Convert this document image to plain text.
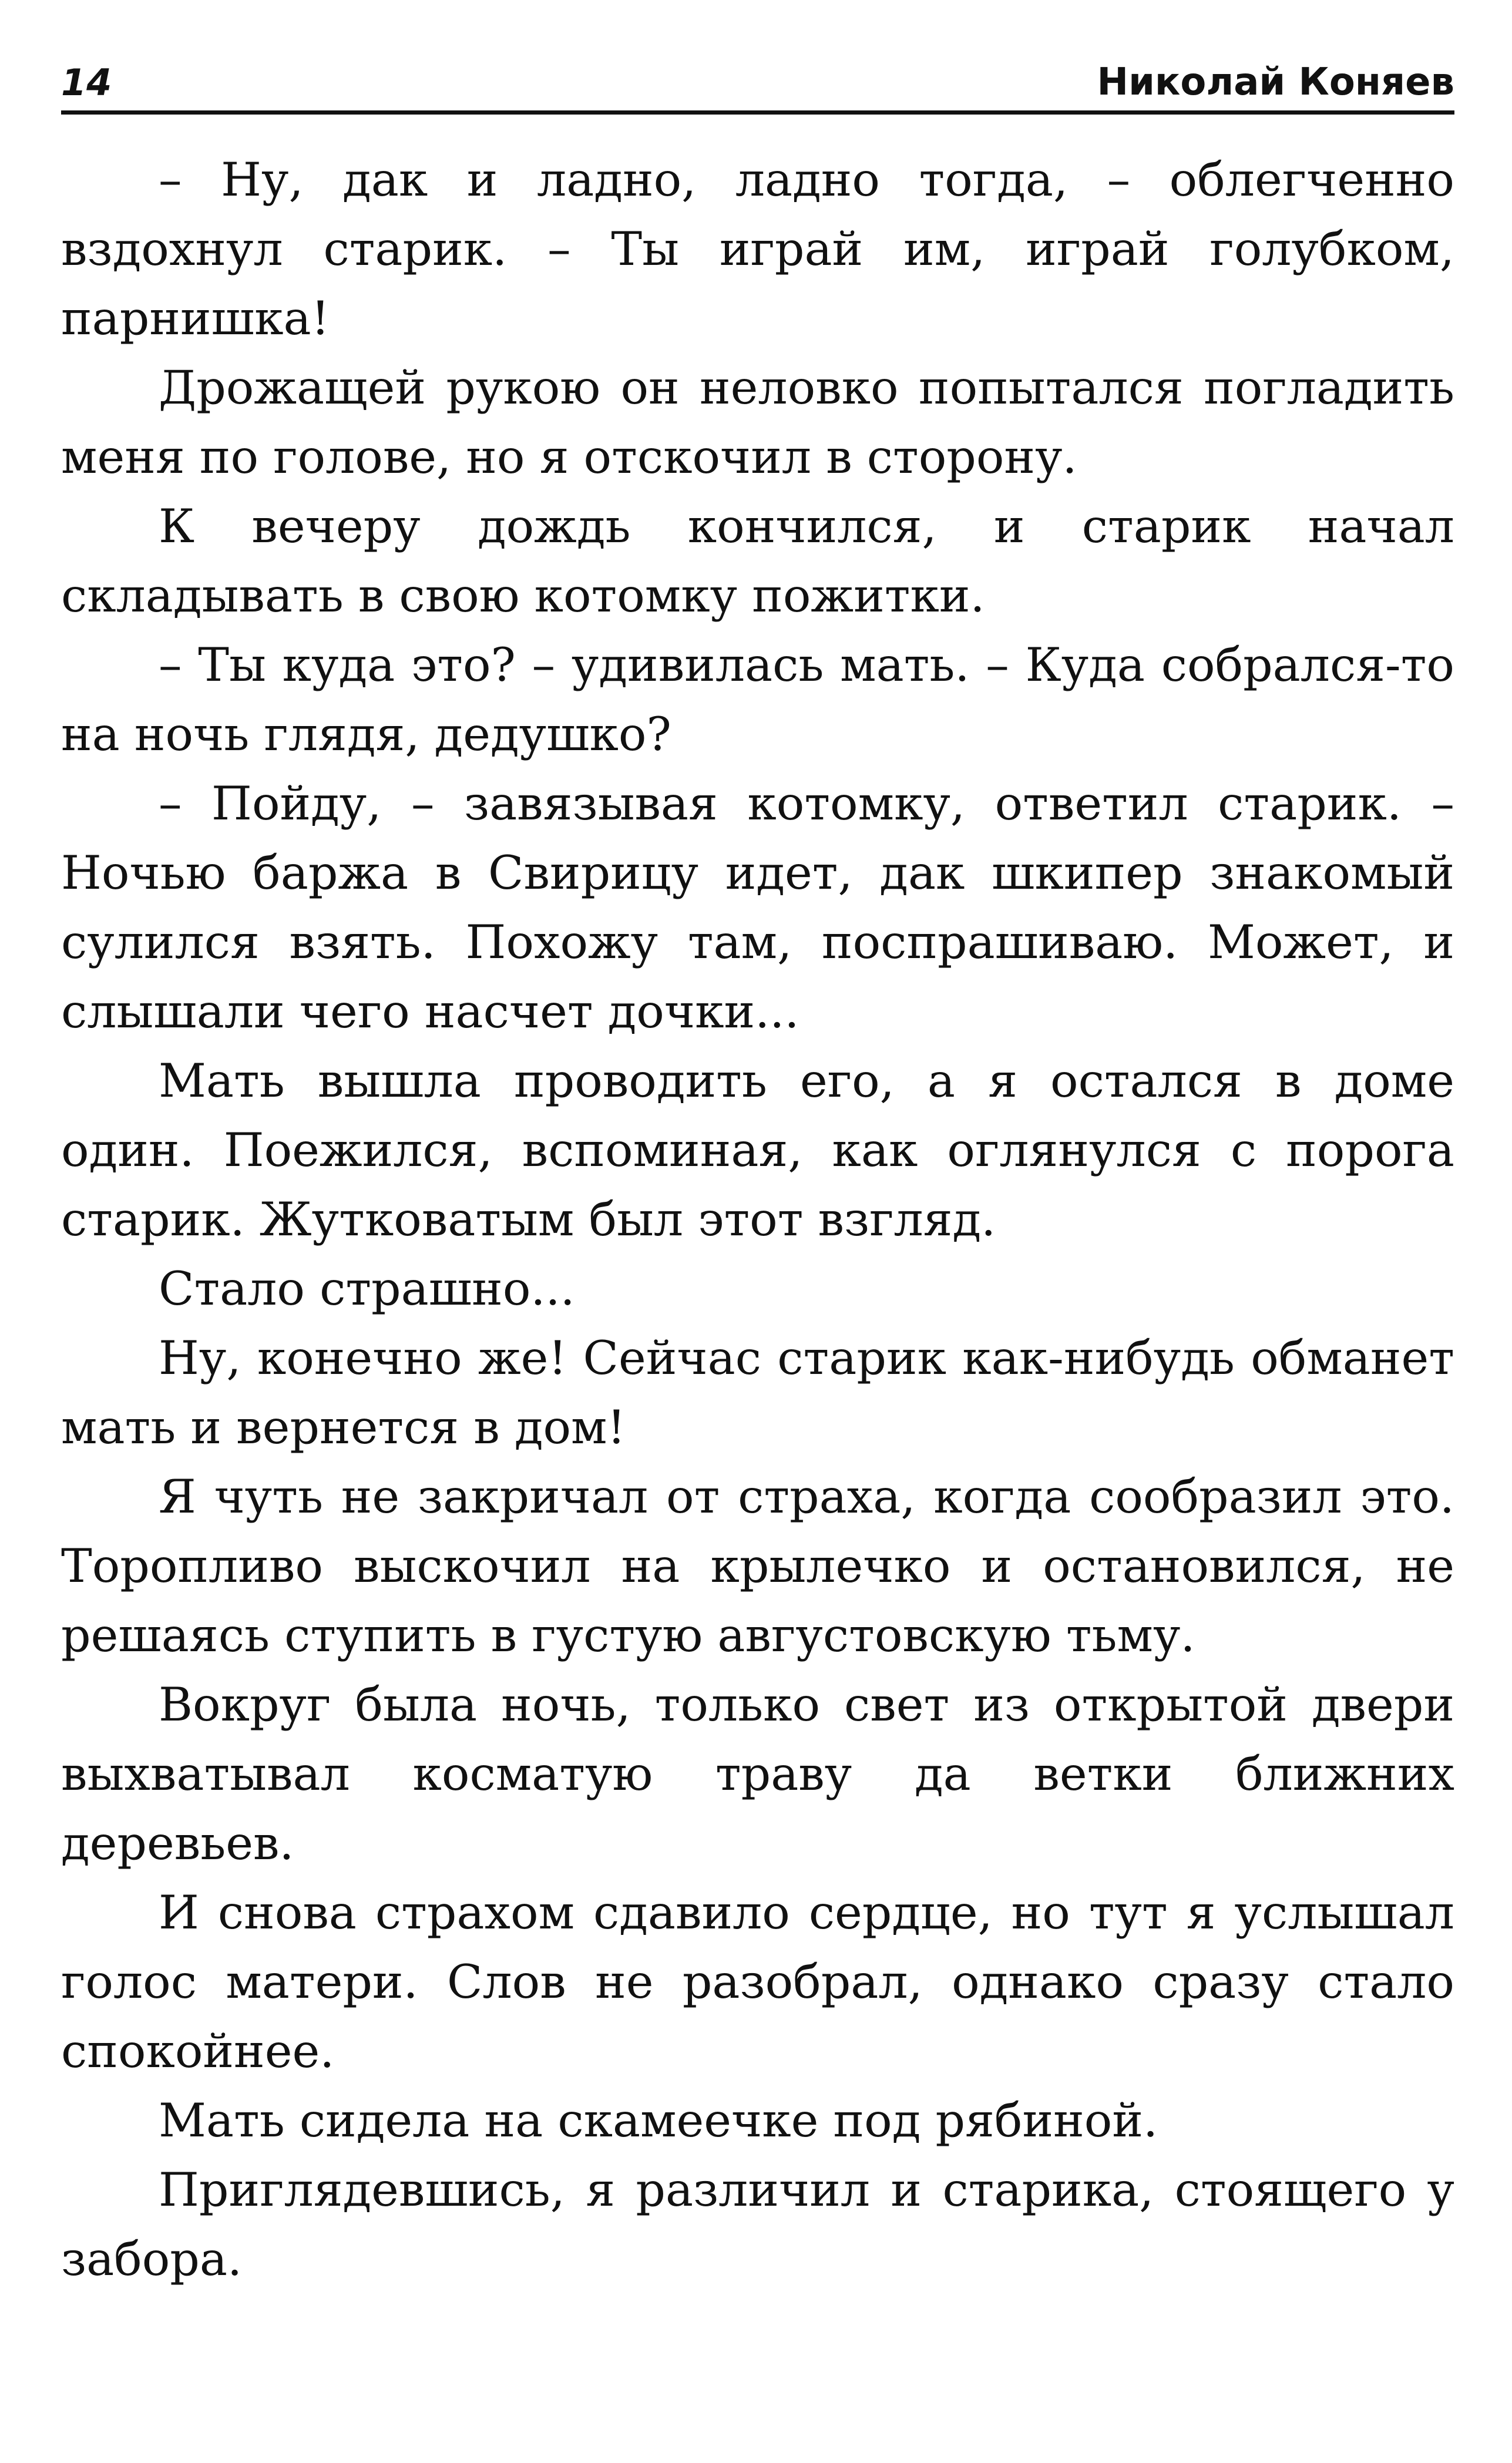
14	Николай Коняев

– Ну, дак и ладно, ладно тогда, – облегченно вздохнул старик. – Ты играй им, играй голубком, парнишка!

Дрожащей рукою он неловко попытался погладить меня по голове, но я отскочил в сторону.

К вечеру дождь кончился, и старик начал складывать в свою котомку пожитки.

– Ты куда это? – удивилась мать. – Куда собрался-то на ночь глядя, дедушко?

– Пойду, – завязывая котомку, ответил старик. – Ночью баржа в Свирицу идет, дак шкипер знакомый сулился взять. Похожу там, поспрашиваю. Может, и слышали чего насчет дочки...

Мать вышла проводить его, а я остался в доме один. Поежился, вспоминая, как оглянулся с порога старик. Жутковатым был этот взгляд.

Стало страшно...

Ну, конечно же! Сейчас старик как-нибудь обманет мать и вернется в дом!

Я чуть не закричал от страха, когда сообразил это. Торопливо выскочил на крылечко и остановился, не решаясь ступить в густую августовскую тьму.

Вокруг была ночь, только свет из открытой двери выхватывал косматую траву да ветки ближних деревьев.

И снова страхом сдавило сердце, но тут я услышал голос матери. Слов не разобрал, однако сразу стало спокойнее.

Мать сидела на скамеечке под рябиной.

Приглядевшись, я различил и старика, стоящего у забора.
